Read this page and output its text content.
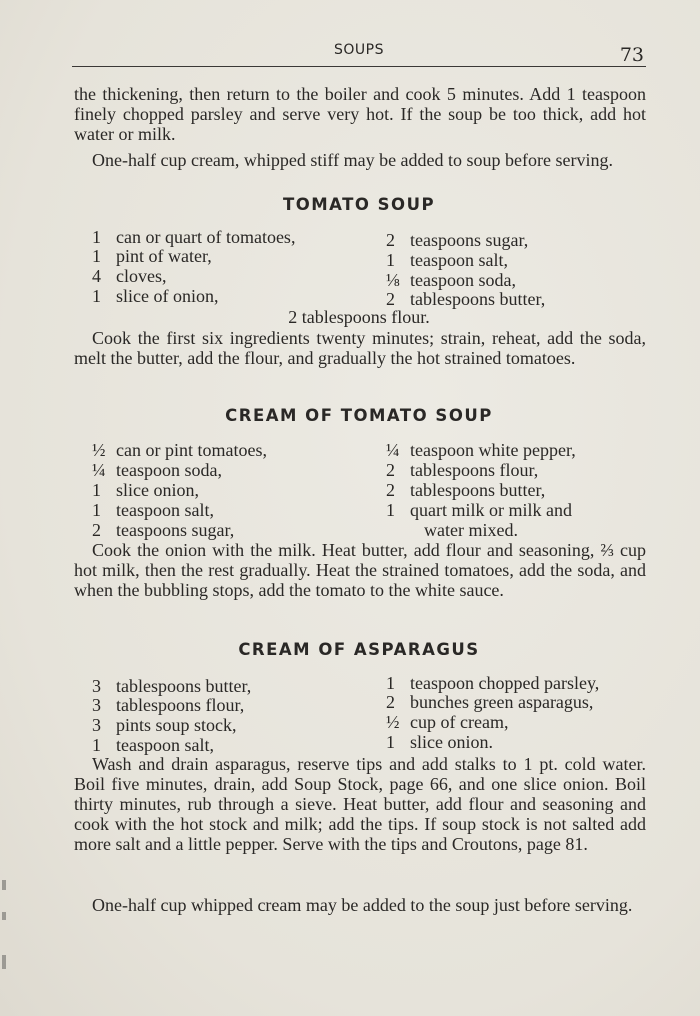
SOUPS	73
the thickening, then return to the boiler and cook 5 minutes. Add 1 teaspoon finely chopped parsley and serve very hot. If the soup be too thick, add hot water or milk.
One-half cup cream, whipped stiff may be added to soup before serving.
TOMATO SOUP
1 can or quart of tomatoes,
1 pint of water,
4 cloves,
1 slice of onion,
2 teaspoons sugar,
1 teaspoon salt,
⅛ teaspoon soda,
2 tablespoons butter,
2 tablespoons flour.
Cook the first six ingredients twenty minutes; strain, reheat, add the soda, melt the butter, add the flour, and gradually the hot strained tomatoes.
CREAM OF TOMATO SOUP
½ can or pint tomatoes,
¼ teaspoon soda,
1 slice onion,
1 teaspoon salt,
2 teaspoons sugar,
¼ teaspoon white pepper,
2 tablespoons flour,
2 tablespoons butter,
1 quart milk or milk and
water mixed.
Cook the onion with the milk. Heat butter, add flour and seasoning, ⅔ cup hot milk, then the rest gradually. Heat the strained tomatoes, add the soda, and when the bubbling stops, add the tomato to the white sauce.
CREAM OF ASPARAGUS
3 tablespoons butter,
3 tablespoons flour,
3 pints soup stock,
1 teaspoon salt,
1 teaspoon chopped parsley,
2 bunches green asparagus,
½ cup of cream,
1 slice onion.
Wash and drain asparagus, reserve tips and add stalks to 1 pt. cold water. Boil five minutes, drain, add Soup Stock, page 66, and one slice onion. Boil thirty minutes, rub through a sieve. Heat butter, add flour and seasoning and cook with the hot stock and milk; add the tips. If soup stock is not salted add more salt and a little pepper. Serve with the tips and Croutons, page 81.
One-half cup whipped cream may be added to the soup just before serving.
